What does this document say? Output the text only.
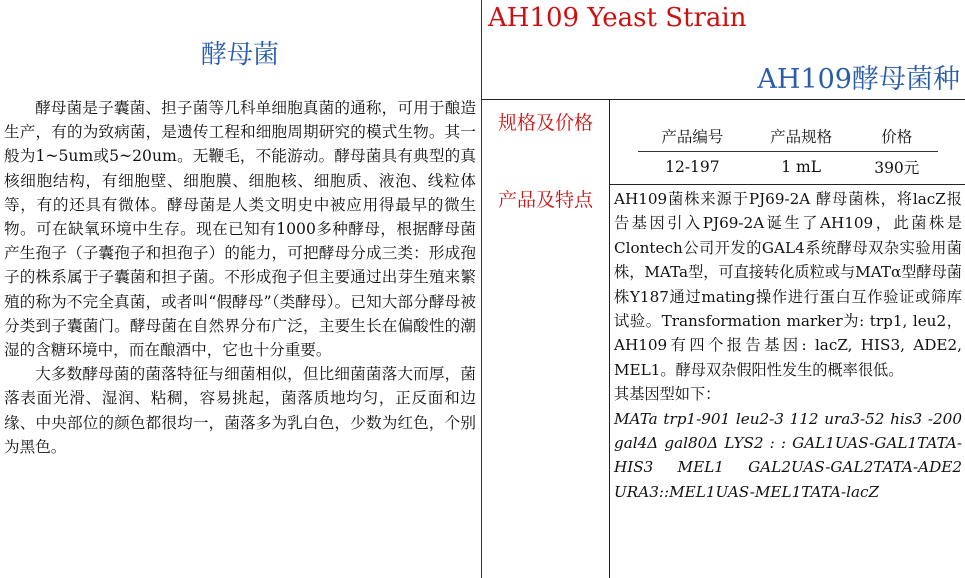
酵母菌

酵母菌是子囊菌、担子菌等几科单细胞真菌的通称，可用于酿造生产，有的为致病菌，是遗传工程和细胞周期研究的模式生物。其一般为1~5um或5~20um。无鞭毛，不能游动。酵母菌具有典型的真核细胞结构，有细胞壁、细胞膜、细胞核、细胞质、液泡、线粒体等，有的还具有微体。酵母菌是人类文明史中被应用得最早的微生物。可在缺氧环境中生存。现在已知有1000多种酵母，根据酵母菌产生孢子（子囊孢子和担孢子）的能力，可把酵母分成三类：形成孢子的株系属于子囊菌和担子菌。不形成孢子但主要通过出芽生殖来繁殖的称为不完全真菌，或者叫“假酵母”（类酵母）。已知大部分酵母被分类到子囊菌门。酵母菌在自然界分布广泛，主要生长在偏酸性的潮湿的含糖环境中，而在酿酒中，它也十分重要。

大多数酵母菌的菌落特征与细菌相似，但比细菌菌落大而厚，菌落表面光滑、湿润、粘稠，容易挑起，菌落质地均匀，正反面和边缘、中央部位的颜色都很均一，菌落多为乳白色，少数为红色，个别为黑色。

AH109 Yeast Strain
AH109酵母菌种
规格及价格
产品及特点
产品编号	产品规格	价格
12-197	1 mL	390元

AH109菌株来源于PJ69-2A 酵母菌株，将lacZ报告基因引入PJ69-2A诞生了AH109，此菌株是Clontech公司开发的GAL4系统酵母双杂实验用菌株，MATa型，可直接转化质粒或与MATα型酵母菌株Y187通过mating操作进行蛋白互作验证或筛库试验。Transformation marker为: trp1, leu2，AH109有四个报告基因: lacZ, HIS3, ADE2, MEL1。酵母双杂假阳性发生的概率很低。

其基因型如下：

MATa trp1-901 leu2-3 112 ura3-52 his3 -200 gal4Δ gal80Δ LYS2 : : GAL1UAS-GAL1TATA-HIS3 MEL1 GAL2UAS-GAL2TATA-ADE2 URA3::MEL1UAS-MEL1TATA-lacZ
